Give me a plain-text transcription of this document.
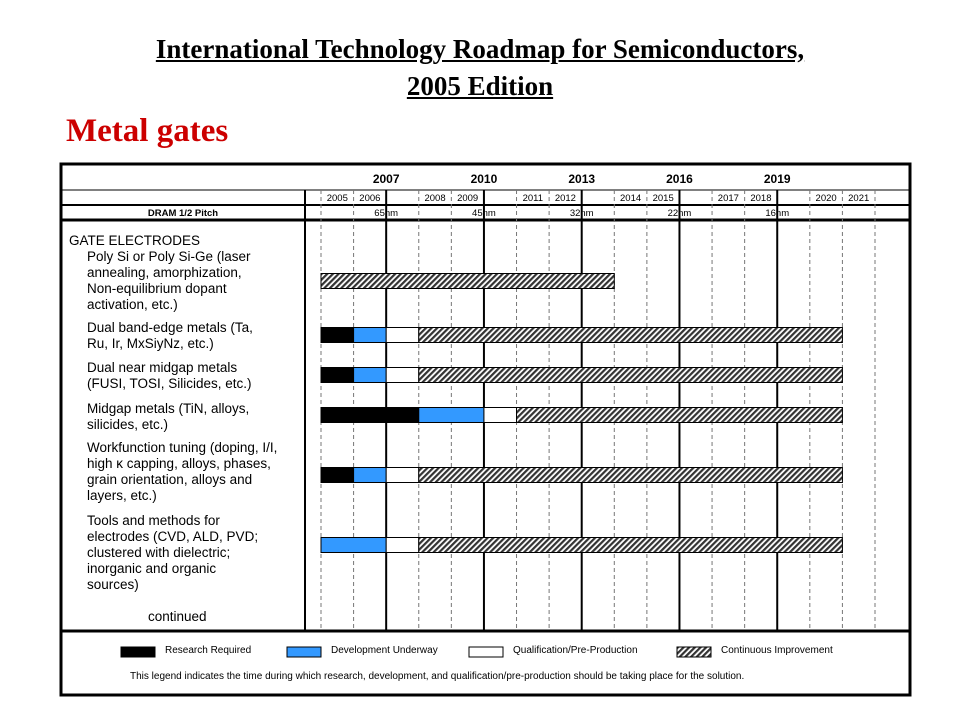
International Technology Roadmap for Semiconductors,
2005 Edition
Metal gates
2007	2010	2013	2016	2019
2005 2006	2008 2009	2011 2012	2014 2015	2017 2018	2020 2021
DRAM 1/2 Pitch	65nm	45nm	32nm	22nm	16nm
GATE ELECTRODES
Poly Si or Poly Si-Ge (laser
annealing, amorphization,
Non-equilibrium dopant
activation, etc.)
Dual band-edge metals (Ta,
Ru, Ir, MxSiyNz, etc.)
Dual near midgap metals
(FUSI, TOSI, Silicides, etc.)
Midgap metals (TiN, alloys,
silicides, etc.)
Workfunction tuning (doping, I/I,
high κ capping, alloys, phases,
grain orientation, alloys and
layers, etc.)
Tools and methods for
electrodes (CVD, ALD, PVD;
clustered with dielectric;
inorganic and organic
sources)
continued
Research Required	Development Underway	Qualification/Pre-Production	Continuous Improvement
This legend indicates the time during which research, development, and qualification/pre-production should be taking place for the solution.
